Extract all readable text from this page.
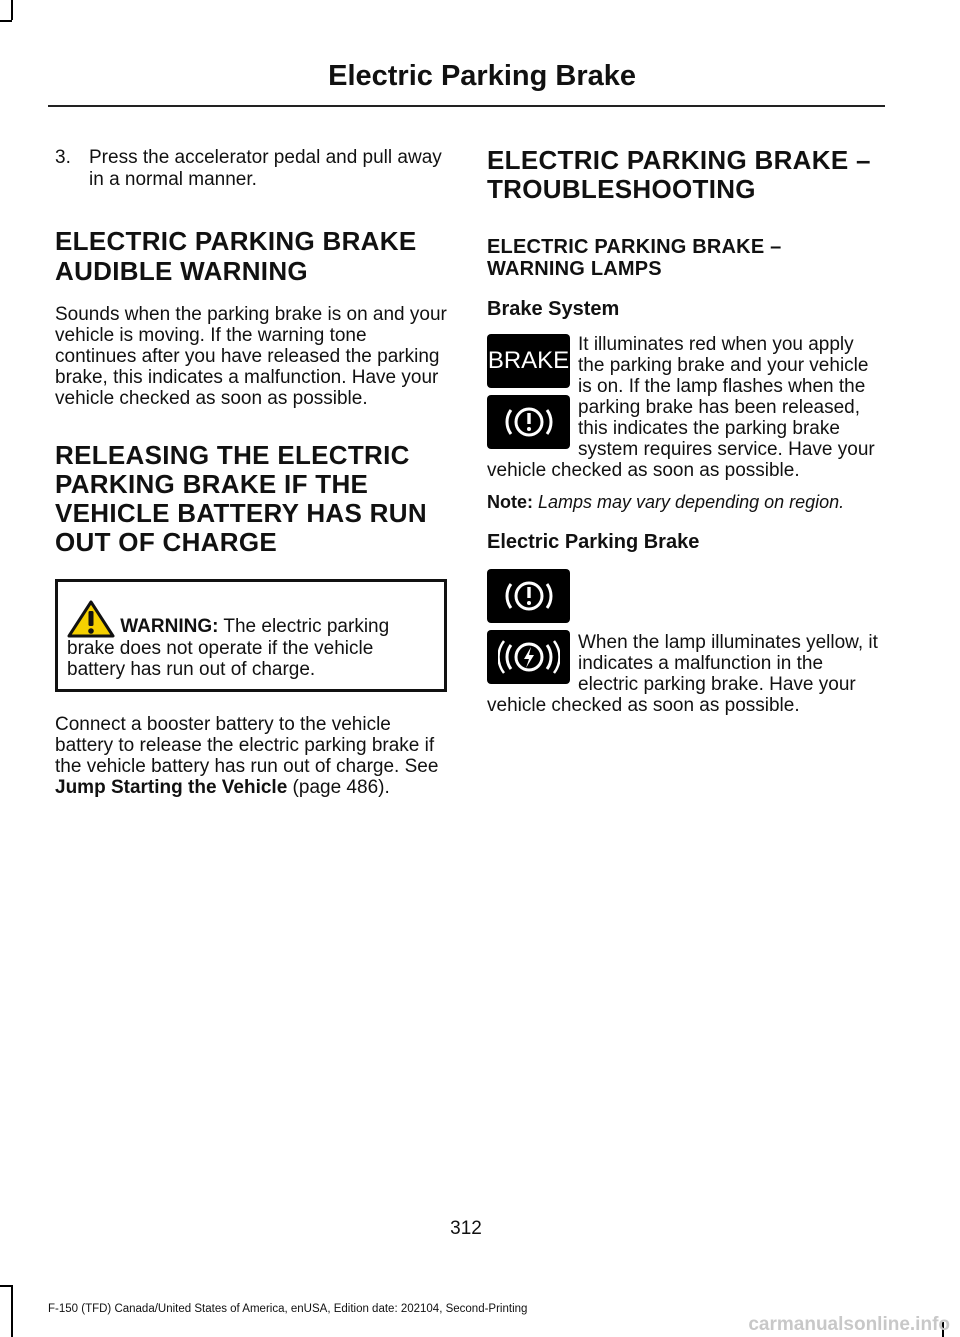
Electric Parking Brake
3. Press the accelerator pedal and pull away in a normal manner.
ELECTRIC PARKING BRAKE
AUDIBLE WARNING

Sounds when the parking brake is on and your vehicle is moving. If the warning tone continues after you have released the parking brake, this indicates a malfunction. Have your vehicle checked as soon as possible.

RELEASING THE ELECTRIC
PARKING BRAKE IF THE
VEHICLE BATTERY HAS RUN
OUT OF CHARGE
WARNING: The electric parking brake does not operate if the vehicle battery has run out of charge.

Connect a booster battery to the vehicle battery to release the electric parking brake if the vehicle battery has run out of charge. See Jump Starting the Vehicle (page 486).

ELECTRIC PARKING BRAKE –
TROUBLESHOOTING
ELECTRIC PARKING BRAKE –
WARNING LAMPS
Brake System
BRAKE

It illuminates red when you apply the parking brake and your vehicle is on. If the lamp flashes when the parking brake has been released, this indicates the parking brake system requires service. Have your vehicle checked as soon as possible.

Note: Lamps may vary depending on region.

Electric Parking Brake

When the lamp illuminates yellow, it indicates a malfunction in the electric parking brake. Have your vehicle checked as soon as possible.

312
F-150 (TFD) Canada/United States of America, enUSA, Edition date: 202104, Second-Printing
carmanualsonline.info
